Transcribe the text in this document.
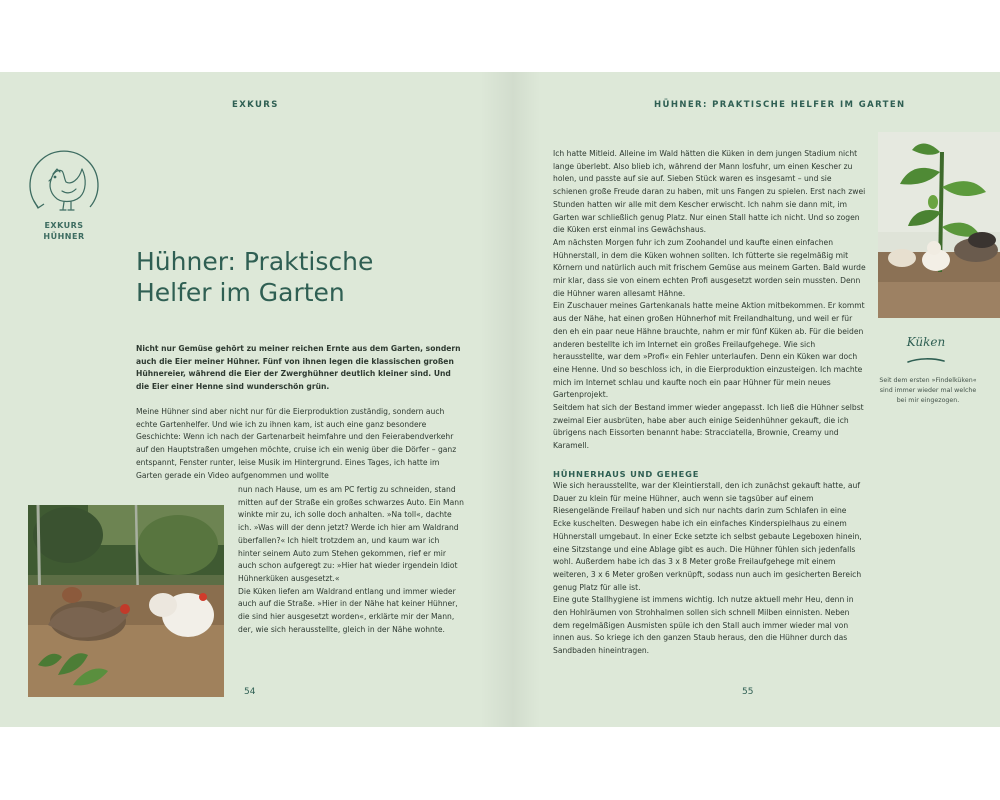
EXKURS
EXKURS
HÜHNER
Hühner: Praktische
Helfer im Garten

Nicht nur Gemüse gehört zu meiner reichen Ernte aus dem Garten, sondern auch die Eier meiner Hühner. Fünf von ihnen legen die klassischen großen Hühnereier, während die Eier der Zwerghühner deutlich kleiner sind. Und die Eier einer Henne sind wunderschön grün.

Meine Hühner sind aber nicht nur für die Eierproduktion zuständig, sondern auch echte Gartenhelfer. Und wie ich zu ihnen kam, ist auch eine ganz besondere Geschichte: Wenn ich nach der Gartenarbeit heimfahre und den Feierabendverkehr auf den Hauptstraßen umgehen möchte, cruise ich ein wenig über die Dörfer – ganz entspannt, Fenster runter, leise Musik im Hintergrund. Eines Tages, ich hatte im Garten gerade ein Video aufgenommen und wollte

nun nach Hause, um es am PC fertig zu schneiden, stand mitten auf der Straße ein großes schwarzes Auto. Ein Mann winkte mir zu, ich solle doch anhalten. »Na toll«, dachte ich. »Was will der denn jetzt? Werde ich hier am Waldrand überfallen?« Ich hielt trotzdem an, und kaum war ich hinter seinem Auto zum Stehen gekommen, rief er mir auch schon aufgeregt zu: »Hier hat wieder irgendein Idiot Hühnerküken ausgesetzt.«

Die Küken liefen am Waldrand entlang und immer wieder auch auf die Straße. »Hier in der Nähe hat keiner Hühner, die sind hier ausgesetzt worden«, erklärte mir der Mann, der, wie sich herausstellte, gleich in der Nähe wohnte.

54
HÜHNER: PRAKTISCHE HELFER IM GARTEN

Ich hatte Mitleid. Alleine im Wald hätten die Küken in dem jungen Stadium nicht lange überlebt. Also blieb ich, während der Mann losfuhr, um einen Kescher zu holen, und passte auf sie auf. Sieben Stück waren es insgesamt – und sie schienen große Freude daran zu haben, mit uns Fangen zu spielen. Erst nach zwei Stunden hatten wir alle mit dem Kescher erwischt. Ich nahm sie dann mit, im Garten war schließlich genug Platz. Nur einen Stall hatte ich nicht. Und so zogen die Küken erst einmal ins Gewächshaus.

Am nächsten Morgen fuhr ich zum Zoohandel und kaufte einen einfachen Hühnerstall, in dem die Küken wohnen sollten. Ich fütterte sie regelmäßig mit Körnern und natürlich auch mit frischem Gemüse aus meinem Garten. Bald wurde mir klar, dass sie von einem echten Profi ausgesetzt worden sein mussten. Denn die Hühner waren allesamt Hähne.

Ein Zuschauer meines Gartenkanals hatte meine Aktion mitbekommen. Er kommt aus der Nähe, hat einen großen Hühnerhof mit Freilandhaltung, und weil er für den eh ein paar neue Hähne brauchte, nahm er mir fünf Küken ab. Für die beiden anderen bestellte ich im Internet ein großes Freilaufgehege. Wie sich herausstellte, war dem »Profi« ein Fehler unterlaufen. Denn ein Küken war doch eine Henne. Und so beschloss ich, in die Eierproduktion einzusteigen. Ich machte mich im Internet schlau und kaufte noch ein paar Hühner für mein neues Gartenprojekt.

Seitdem hat sich der Bestand immer wieder angepasst. Ich ließ die Hühner selbst zweimal Eier ausbrüten, habe aber auch einige Seidenhühner gekauft, die ich übrigens nach Eissorten benannt habe: Stracciatella, Brownie, Creamy und Karamell.

HÜHNERHAUS UND GEHEGE

Wie sich herausstellte, war der Kleintierstall, den ich zunächst gekauft hatte, auf Dauer zu klein für meine Hühner, auch wenn sie tagsüber auf einem Riesengelände Freilauf haben und sich nur nachts darin zum Schlafen in eine Ecke kuschelten. Deswegen habe ich ein einfaches Kinderspielhaus zu einem Hühnerstall umgebaut. In einer Ecke setzte ich selbst gebaute Legeboxen hinein, eine Sitzstange und eine Ablage gibt es auch. Die Hühner fühlen sich jedenfalls wohl. Außerdem habe ich das 3 x 8 Meter große Freilaufgehege mit einem weiteren, 3 x 6 Meter großen verknüpft, sodass nun auch im gesicherten Bereich genug Platz für alle ist.

Eine gute Stallhygiene ist immens wichtig. Ich nutze aktuell mehr Heu, denn in den Hohlräumen von Strohhalmen sollen sich schnell Milben einnisten. Neben dem regelmäßigen Ausmisten spüle ich den Stall auch immer wieder mal von innen aus. So kriege ich den ganzen Staub heraus, den die Hühner durch das Sandbaden hineintragen.

55
Küken
Seit dem ersten »Findelküken« sind immer wieder mal welche bei mir eingezogen.
